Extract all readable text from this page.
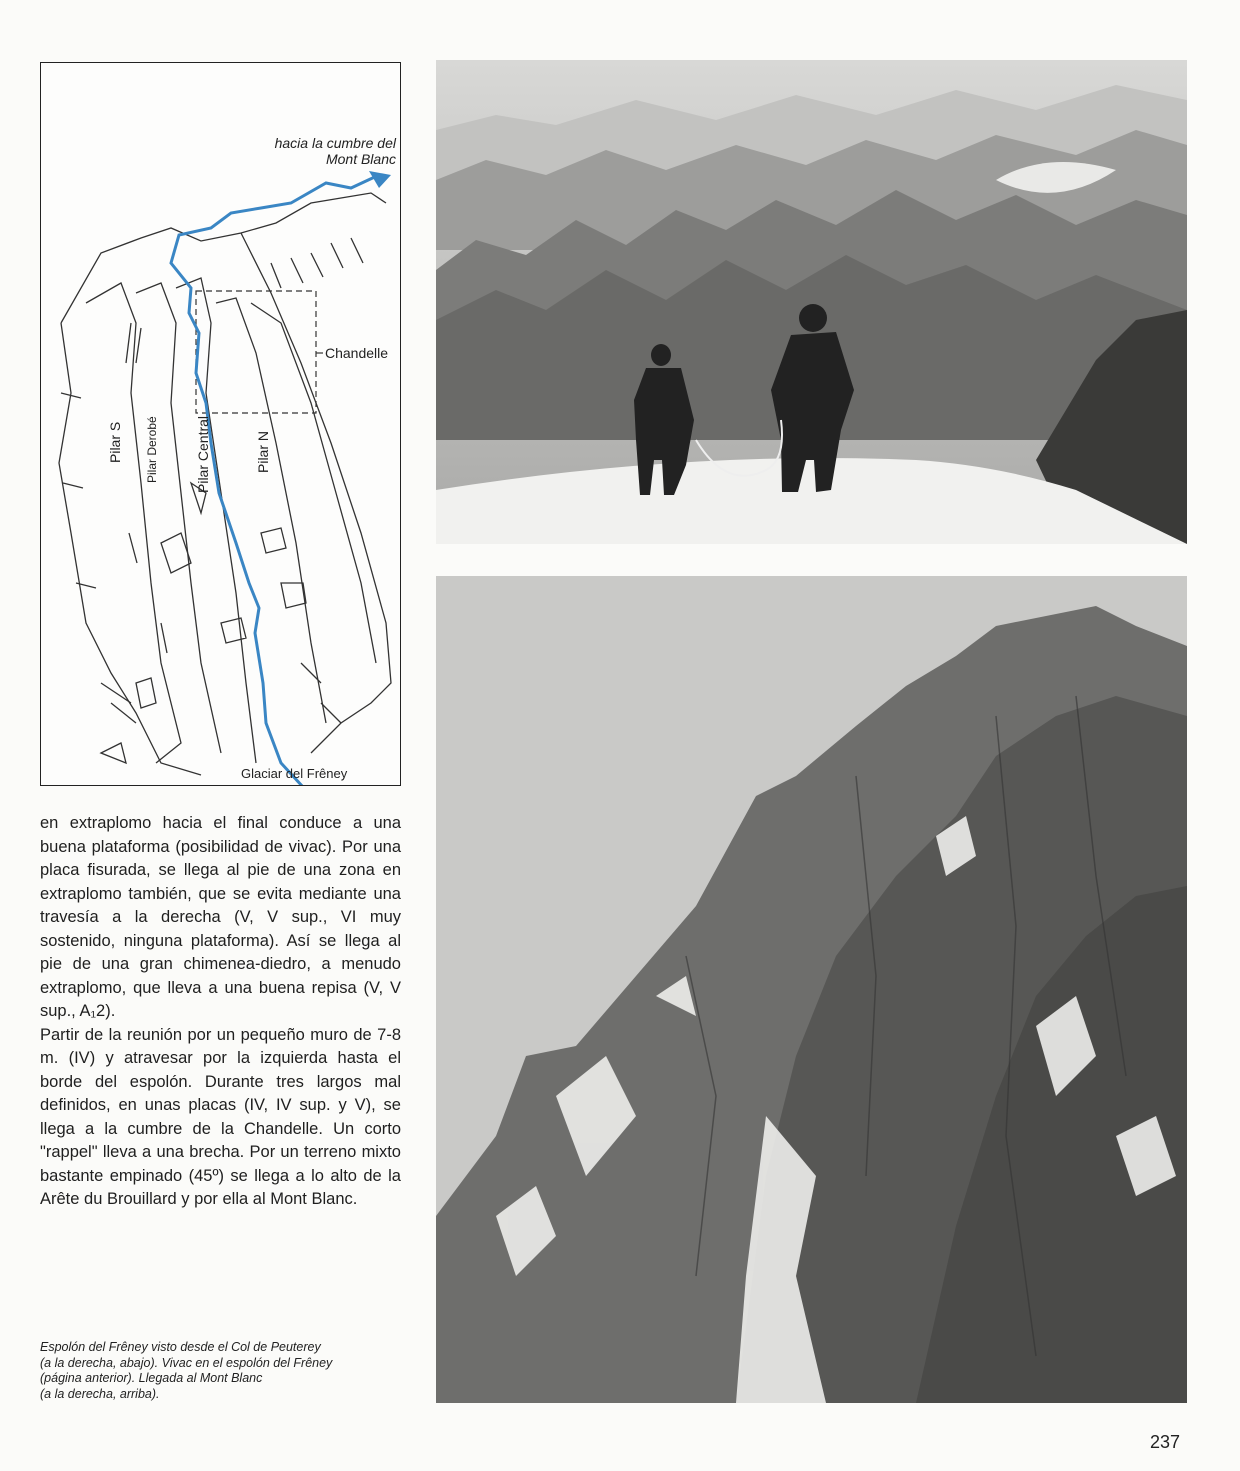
hacia la cumbre del
Mont Blanc
Chandelle
Glaciar del Frêney
Pilar S Pilar Derobé	Pilar Central	Pilar N

en extraplomo hacia el final conduce a una buena plataforma (posibilidad de vivac). Por una placa fisurada, se llega al pie de una zona en extraplomo también, que se evita mediante una travesía a la derecha (V, V sup., VI muy sostenido, ninguna plataforma). Así se llega al pie de una gran chimenea-diedro, a menudo extraplomo, que lleva a una buena repisa (V, V sup., A₁2).

Partir de la reunión por un pequeño muro de 7-8 m. (IV) y atravesar por la izquierda hasta el borde del espolón. Durante tres largos mal definidos, en unas placas (IV, IV sup. y V), se llega a la cumbre de la Chandelle. Un corto "rappel" lleva a una brecha. Por un terreno mixto bastante empinado (45º) se llega a lo alto de la Arête du Brouillard y por ella al Mont Blanc.

Espolón del Frêney visto desde el Col de Peuterey
(a la derecha, abajo). Vivac en el espolón del Frêney
(página anterior). Llegada al Mont Blanc
(a la derecha, arriba).
237
